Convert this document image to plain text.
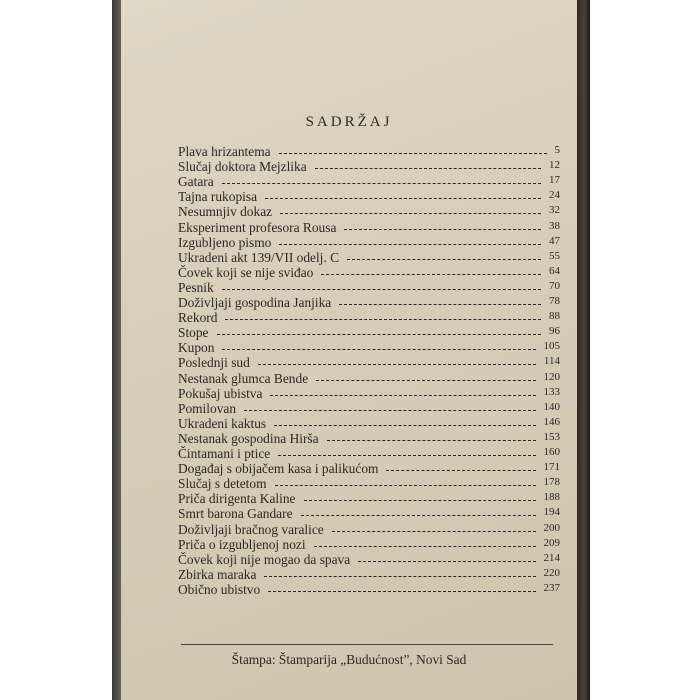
SADRŽAJ
Plava hrizantema	5
Slučaj doktora Mejzlika	12
Gatara	17
Tajna rukopisa	24
Nesumnjiv dokaz	32
Eksperiment profesora Rousa	38
Izgubljeno pismo	47
Ukradeni akt 139/VII odelj. C	55
Čovek koji se nije sviđao	64
Pesnik	70
Doživljaji gospodina Janjika	78
Rekord	88
Stope	96
Kupon	105
Poslednji sud	114
Nestanak glumca Bende	120
Pokušaj ubistva	133
Pomilovan	140
Ukradeni kaktus	146
Nestanak gospodina Hirša	153
Čintamani i ptice	160
Događaj s obijačem kasa i palikućom	171
Slučaj s detetom	178
Priča dirigenta Kaline	188
Smrt barona Gandare	194
Doživljaji bračnog varalice	200
Priča o izgubljenoj nozi	209
Čovek koji nije mogao da spava	214
Zbirka maraka	220
Obično ubistvo	237
Štampa: Štamparija „Budućnost”, Novi Sad
